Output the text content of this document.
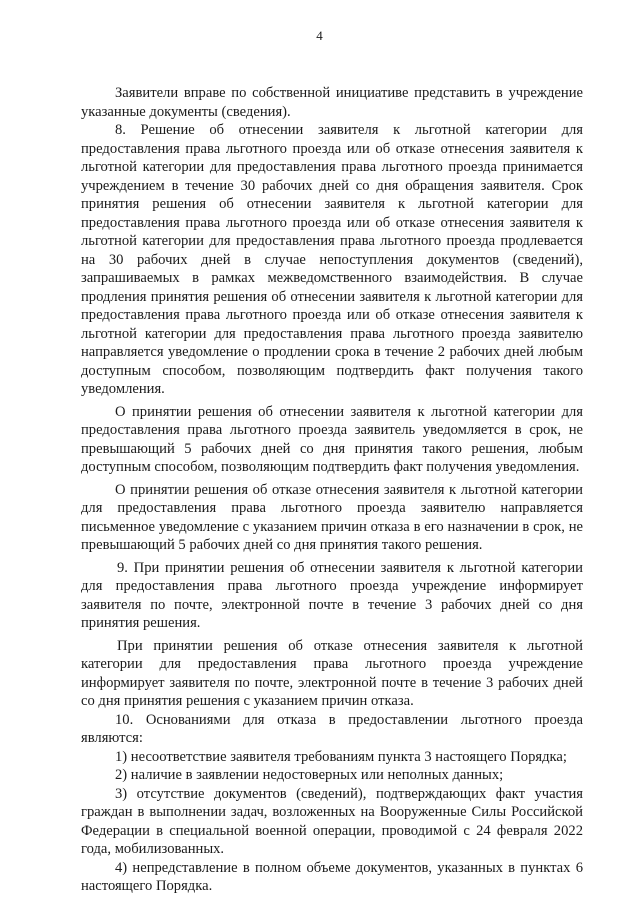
4

Заявители вправе по собственной инициативе представить в учреждение указанные документы (сведения).

8. Решение об отнесении заявителя к льготной категории для предоставления права льготного проезда или об отказе отнесения заявителя к льготной категории для предоставления права льготного проезда принимается учреждением в течение 30 рабочих дней со дня обращения заявителя. Срок принятия решения об отнесении заявителя к льготной категории для предоставления права льготного проезда или об отказе отнесения заявителя к льготной категории для предоставления права льготного проезда продлевается на 30 рабочих дней в случае непоступления документов (сведений), запрашиваемых в рамках межведомственного взаимодействия. В случае продления принятия решения об отнесении заявителя к льготной категории для предоставления права льготного проезда или об отказе отнесения заявителя к льготной категории для предоставления права льготного проезда заявителю направляется уведомление о продлении срока в течение 2 рабочих дней любым доступным способом, позволяющим подтвердить факт получения такого уведомления.

О принятии решения об отнесении заявителя к льготной категории для предоставления права льготного проезда заявитель уведомляется в срок, не превышающий 5 рабочих дней со дня принятия такого решения, любым доступным способом, позволяющим подтвердить факт получения уведомления.

О принятии решения об отказе отнесения заявителя к льготной категории для предоставления права льготного проезда заявителю направляется письменное уведомление с указанием причин отказа в его назначении в срок, не превышающий 5 рабочих дней со дня принятия такого решения.

9. При принятии решения об отнесении заявителя к льготной категории для предоставления права льготного проезда учреждение информирует заявителя по почте, электронной почте в течение 3 рабочих дней со дня принятия решения.

При принятии решения об отказе отнесения заявителя к льготной категории для предоставления права льготного проезда учреждение информирует заявителя по почте, электронной почте в течение 3 рабочих дней со дня принятия решения с указанием причин отказа.

10. Основаниями для отказа в предоставлении льготного проезда являются:

1) несоответствие заявителя требованиям пункта 3 настоящего Порядка;

2) наличие в заявлении недостоверных или неполных данных;

3) отсутствие документов (сведений), подтверждающих факт участия граждан в выполнении задач, возложенных на Вооруженные Силы Российской Федерации в специальной военной операции, проводимой с 24 февраля 2022 года, мобилизованных.

4) непредставление в полном объеме документов, указанных в пунктах 6 настоящего Порядка.
